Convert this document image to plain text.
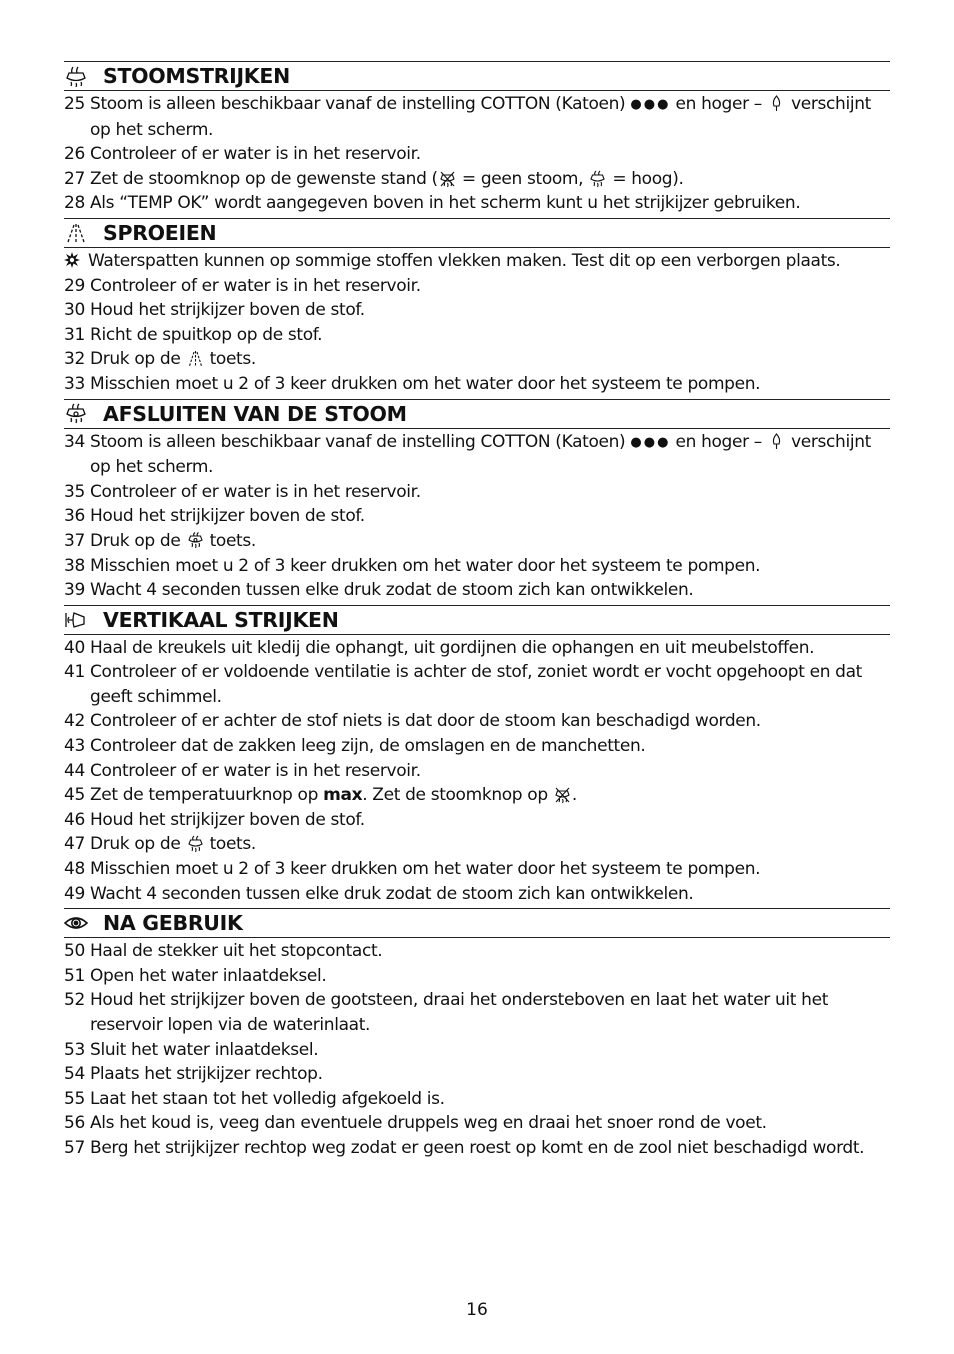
STOOMSTRIJKEN
25 Stoom is alleen beschikbaar vanaf de instelling COTTON (Katoen) ●●● en hoger – verschijnt op het scherm.
26 Controleer of er water is in het reservoir.
27 Zet de stoomknop op de gewenste stand ( = geen stoom, = hoog).
28 Als “TEMP OK” wordt aangegeven boven in het scherm kunt u het strijkijzer gebruiken.
SPROEIEN
Waterspatten kunnen op sommige stoffen vlekken maken. Test dit op een verborgen plaats.
29 Controleer of er water is in het reservoir.
30 Houd het strijkijzer boven de stof.
31 Richt de spuitkop op de stof.
32 Druk op de toets.
33 Misschien moet u 2 of 3 keer drukken om het water door het systeem te pompen.
AFSLUITEN VAN DE STOOM
34 Stoom is alleen beschikbaar vanaf de instelling COTTON (Katoen) ●●● en hoger – verschijnt op het scherm.
35 Controleer of er water is in het reservoir.
36 Houd het strijkijzer boven de stof.
37 Druk op de toets.
38 Misschien moet u 2 of 3 keer drukken om het water door het systeem te pompen.
39 Wacht 4 seconden tussen elke druk zodat de stoom zich kan ontwikkelen.
VERTIKAAL STRIJKEN
40 Haal de kreukels uit kledij die ophangt, uit gordijnen die ophangen en uit meubelstoffen.
41 Controleer of er voldoende ventilatie is achter de stof, zoniet wordt er vocht opgehoopt en dat geeft schimmel.
42 Controleer of er achter de stof niets is dat door de stoom kan beschadigd worden.
43 Controleer dat de zakken leeg zijn, de omslagen en de manchetten.
44 Controleer of er water is in het reservoir.
45 Zet de temperatuurknop op max. Zet de stoomknop op .
46 Houd het strijkijzer boven de stof.
47 Druk op de toets.
48 Misschien moet u 2 of 3 keer drukken om het water door het systeem te pompen.
49 Wacht 4 seconden tussen elke druk zodat de stoom zich kan ontwikkelen.
NA GEBRUIK
50 Haal de stekker uit het stopcontact.
51 Open het water inlaatdeksel.
52 Houd het strijkijzer boven de gootsteen, draai het ondersteboven en laat het water uit het reservoir lopen via de waterinlaat.
53 Sluit het water inlaatdeksel.
54 Plaats het strijkijzer rechtop.
55 Laat het staan tot het volledig afgekoeld is.
56 Als het koud is, veeg dan eventuele druppels weg en draai het snoer rond de voet.
57 Berg het strijkijzer rechtop weg zodat er geen roest op komt en de zool niet beschadigd wordt.
16
